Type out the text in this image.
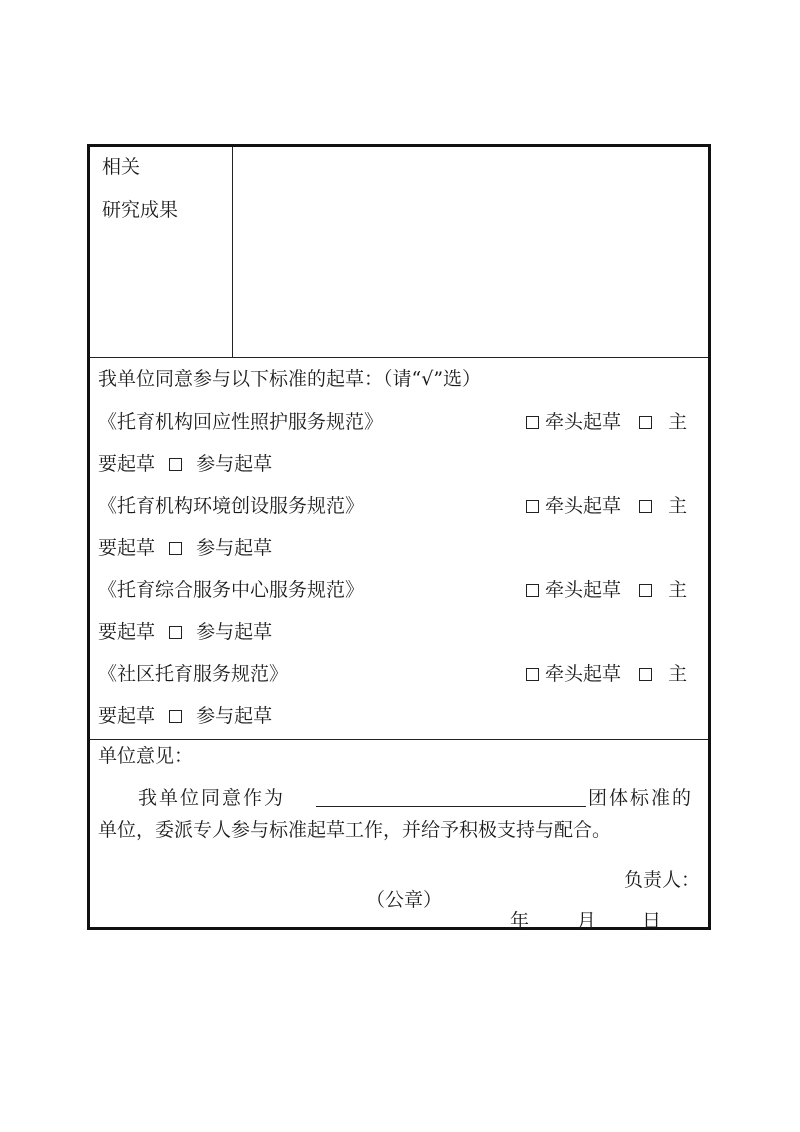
相关
研究成果
我单位同意参与以下标准的起草：（请“√”选）
《托育机构回应性照护服务规范》	牵头起草 主
要起草 参与起草
《托育机构环境创设服务规范》	牵头起草 主
要起草 参与起草
《托育综合服务中心服务规范》	牵头起草 主
要起草 参与起草
《社区托育服务规范》	牵头起草 主
要起草 参与起草
单位意见：
我单位同意作为	团体标准的
单位，委派专人参与标准起草工作，并给予积极支持与配合。
负责人：
（公章）
年	月 日
